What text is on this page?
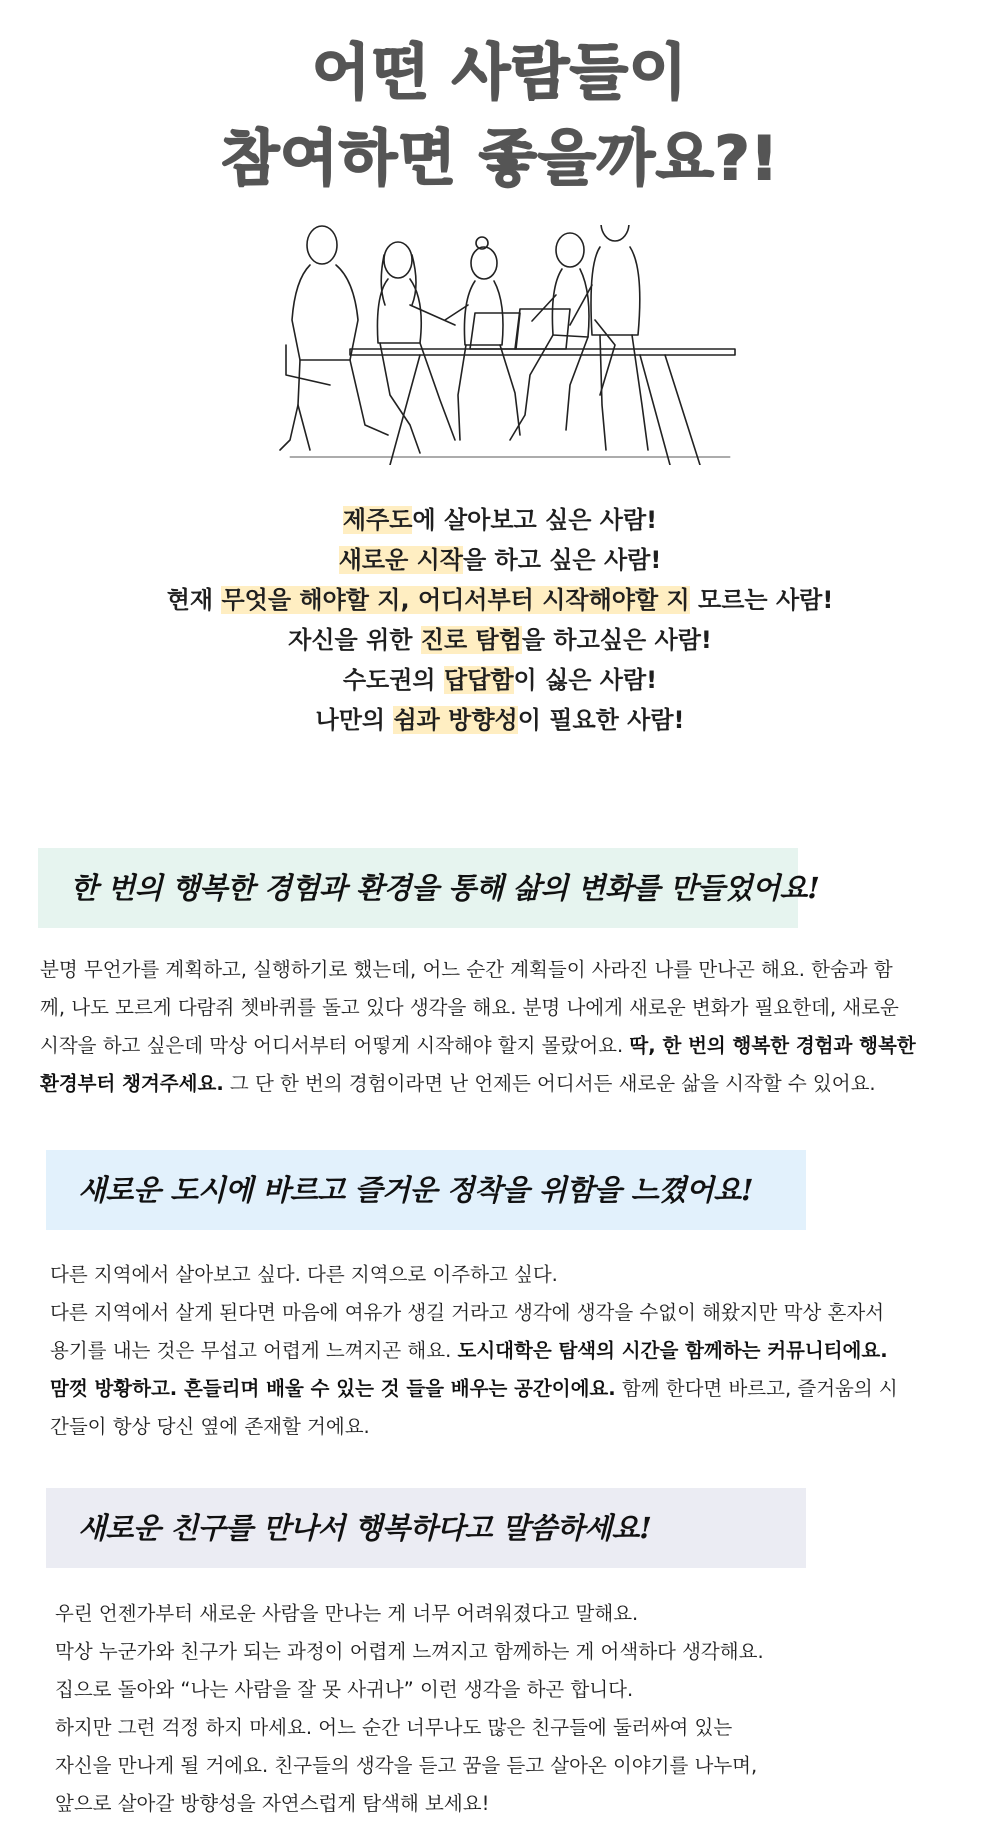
어떤 사람들이
참여하면 좋을까요?!
제주도에 살아보고 싶은 사람!
새로운 시작을 하고 싶은 사람!
현재 무엇을 해야할 지, 어디서부터 시작해야할 지 모르는 사람!
자신을 위한 진로 탐험을 하고싶은 사람!
수도권의 답답함이 싫은 사람!
나만의 쉼과 방향성이 필요한 사람!
한 번의 행복한 경험과 환경을 통해 삶의 변화를 만들었어요!
분명 무언가를 계획하고, 실행하기로 했는데, 어느 순간 계획들이 사라진 나를 만나곤 해요. 한숨과 함
께, 나도 모르게 다람쥐 쳇바퀴를 돌고 있다 생각을 해요. 분명 나에게 새로운 변화가 필요한데, 새로운
시작을 하고 싶은데 막상 어디서부터 어떻게 시작해야 할지 몰랐어요. 딱, 한 번의 행복한 경험과 행복한
환경부터 챙겨주세요. 그 단 한 번의 경험이라면 난 언제든 어디서든 새로운 삶을 시작할 수 있어요.
새로운 도시에 바르고 즐거운 정착을 위함을 느꼈어요!
다른 지역에서 살아보고 싶다. 다른 지역으로 이주하고 싶다.
다른 지역에서 살게 된다면 마음에 여유가 생길 거라고 생각에 생각을 수없이 해왔지만 막상 혼자서
용기를 내는 것은 무섭고 어렵게 느껴지곤 해요. 도시대학은 탐색의 시간을 함께하는 커뮤니티에요.
맘껏 방황하고. 흔들리며 배울 수 있는 것 들을 배우는 공간이에요. 함께 한다면 바르고, 즐거움의 시
간들이 항상 당신 옆에 존재할 거에요.
새로운 친구를 만나서 행복하다고 말씀하세요!
우린 언젠가부터 새로운 사람을 만나는 게 너무 어려워졌다고 말해요.
막상 누군가와 친구가 되는 과정이 어렵게 느껴지고 함께하는 게 어색하다 생각해요.
집으로 돌아와 “나는 사람을 잘 못 사귀나” 이런 생각을 하곤 합니다.
하지만 그런 걱정 하지 마세요. 어느 순간 너무나도 많은 친구들에 둘러싸여 있는
자신을 만나게 될 거에요. 친구들의 생각을 듣고 꿈을 듣고 살아온 이야기를 나누며,
앞으로 살아갈 방향성을 자연스럽게 탐색해 보세요!
